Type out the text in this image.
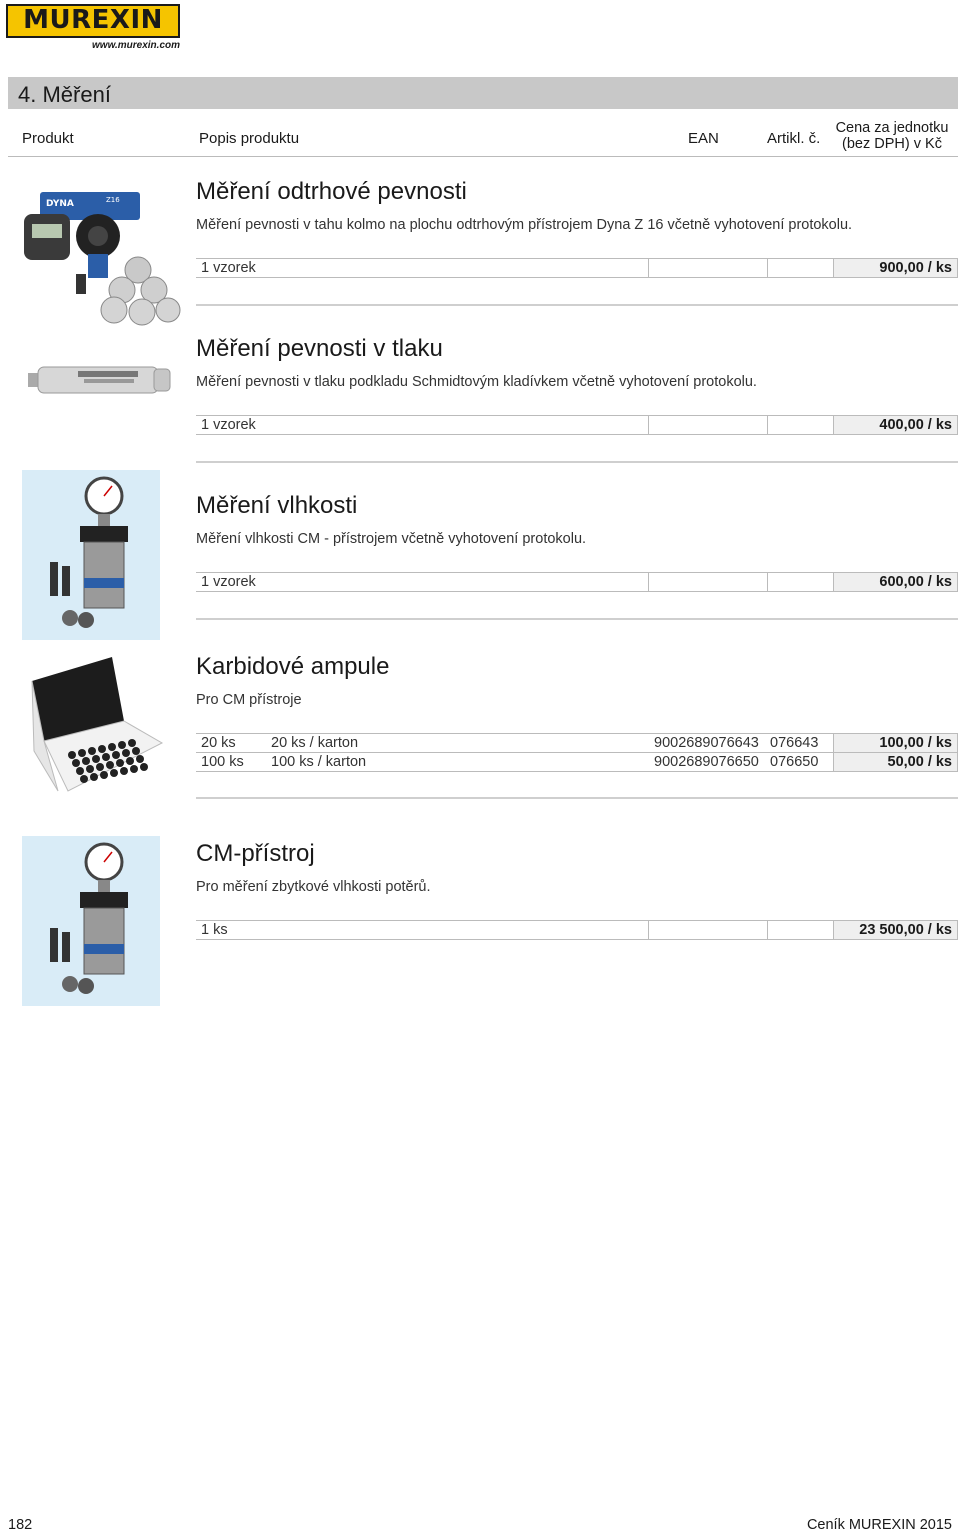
MUREXIN
www.murexin.com
4. Měření
Produkt	Popis produktu	EAN	Artikl. č.
Cena za jednotku
(bez DPH) v Kč
DYNA	Z16	Měření odtrhové pevnosti
Měření pevnosti v tahu kolmo na plochu odtrhovým přístrojem Dyna Z 16 včetně vyhotovení protokolu.
1 vzorek	900,00 / ks
Měření pevnosti v tlaku
Měření pevnosti v tlaku podkladu Schmidtovým kladívkem včetně vyhotovení protokolu.
1 vzorek	400,00 / ks
Měření vlhkosti
Měření vlhkosti CM - přístrojem včetně vyhotovení protokolu.
1 vzorek	600,00 / ks
Karbidové ampule
Pro CM přístroje
20 ks	20 ks / karton	9002689076643 076643	100,00 / ks
100 ks	100 ks / karton	9002689076650 076650	50,00 / ks
CM-přístroj
Pro měření zbytkové vlhkosti potěrů.
1 ks	23 500,00 / ks
182	Ceník MUREXIN 2015
